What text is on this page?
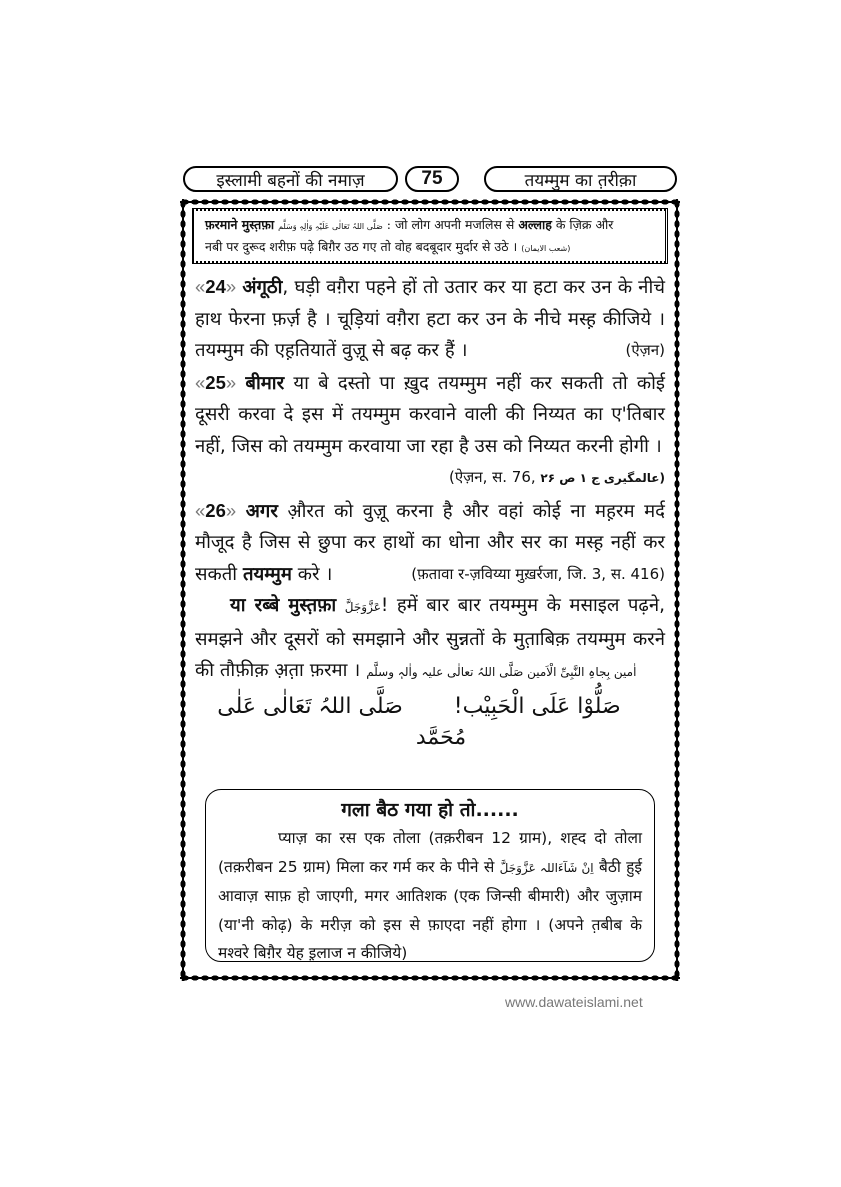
इस्लामी बहनों की नमाज़	75	तयम्मुम का त़रीक़ा
फ़रमाने मुस्त़फ़ा صَلَّی اللہُ تَعَالٰی عَلَیْہِ وَاٰلِہٖ وَسَلَّم : जो लोग अपनी मजलिस से अल्लाह के ज़िक्र और
नबी पर दुरूद शरीफ़ पढ़े बिग़ैर उठ गए तो वोह बदबूदार मुर्दार से उठे । (شعب الایمان)

«24» अंगूठी, घड़ी वग़ैरा पहने हों तो उतार कर या हटा कर उन के नीचे हाथ फेरना फ़र्ज़ है । चूड़ियां वग़ैरा हटा कर उन के नीचे मस्ह़ कीजिये । तयम्मुम की एह़तियातें वुज़ू से बढ़ कर हैं ।	(ऐज़न)

«25» बीमार या बे दस्तो पा ख़ुद तयम्मुम नहीं कर सकती तो कोई दूसरी करवा दे इस में तयम्मुम करवाने वाली की निय्यत का ए'तिबार नहीं, जिस को तयम्मुम करवाया जा रहा है उस को निय्यत करनी होगी ।

(ऐज़न, स. 76, عالمگیری ج ۱ ص ۲۶)

«26» अगर औ़रत को वुज़ू करना है और वहां कोई ना मह़रम मर्द मौजूद है जिस से छुपा कर हाथों का धोना और सर का मस्ह़ नहीं कर सकती तयम्मुम करे ।	(फ़तावा र-ज़विय्या मुख़र्रजा, जि. 3, स. 416)

या रब्बे मुस्त़फ़ा عَزَّوَجَلَّ! हमें बार बार तयम्मुम के मसाइल पढ़ने, समझने और दूसरों को समझाने और सुन्नतों के मुत़ाबिक़ तयम्मुम करने की तौफ़ीक़ अ़त़ा फ़रमा । اٰمین بِجاہِ النَّبِیِّ الْاَمین صَلَّی اللہُ تعالٰی علیہ واٰلہٖ وسلَّم

صَلُّوْا عَلَی الْحَبِیْب! صَلَّی اللہُ تَعَالٰی عَلٰی مُحَمَّد

गला बैठ गया हो तो......

प्याज़ का रस एक तोला (तक़रीबन 12 ग्राम), शह्द दो तोला

(तक़रीबन 25 ग्राम) मिला कर गर्म कर के पीने से اِنْ شَآءَاللہ عَزَّوَجَلَّ बैठी हुई

आवाज़ साफ़ हो जाएगी, मगर आतिशक (एक जिन्सी बीमारी) और जुज़ाम

(या'नी कोढ़) के मरीज़ को इस से फ़ाएदा नहीं होगा । (अपने त़बीब के

मश्वरे बिग़ैर येह इ़लाज न कीजिये)

www.dawateislami.net
